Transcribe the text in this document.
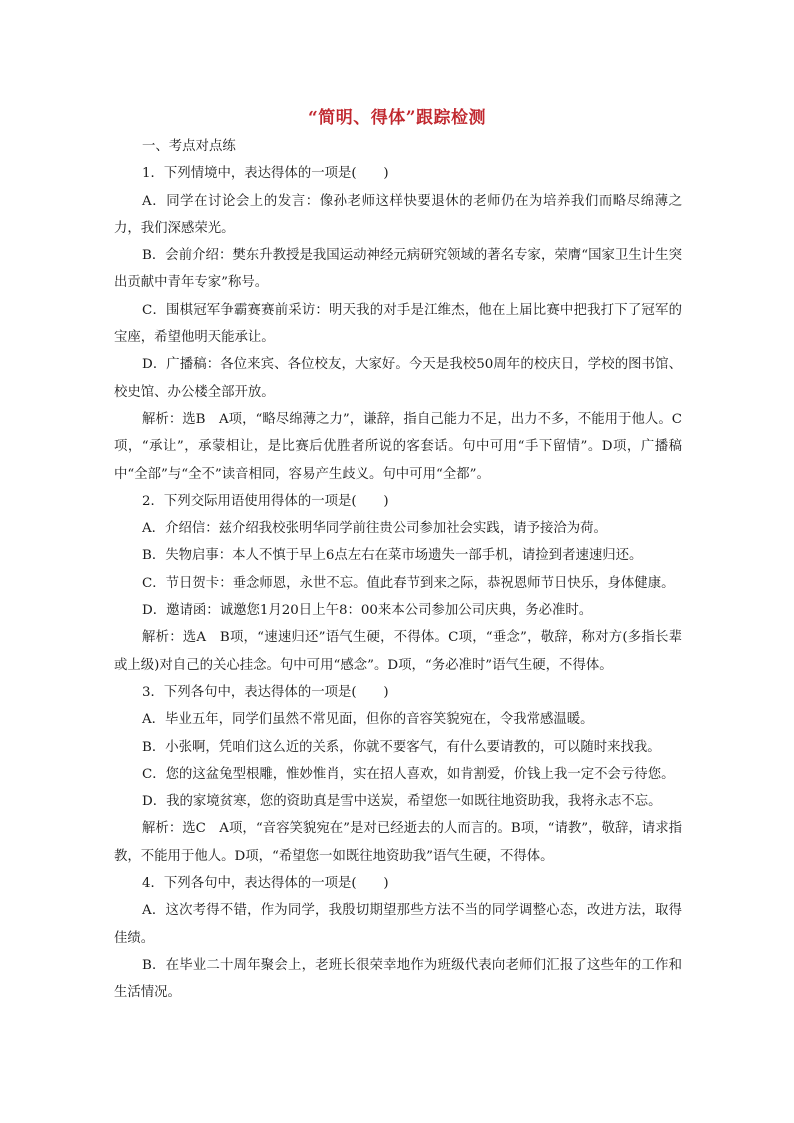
“简明、得体”跟踪检测

一、考点对点练

1．下列情境中，表达得体的一项是(　　)

A．同学在讨论会上的发言：像孙老师这样快要退休的老师仍在为培养我们而略尽绵薄之力，我们深感荣光。

B．会前介绍：樊东升教授是我国运动神经元病研究领域的著名专家，荣膺“国家卫生计生突出贡献中青年专家”称号。

C．围棋冠军争霸赛赛前采访：明天我的对手是江维杰，他在上届比赛中把我打下了冠军的宝座，希望他明天能承让。

D．广播稿：各位来宾、各位校友，大家好。今天是我校50周年的校庆日，学校的图书馆、校史馆、办公楼全部开放。

解析：选B　A项，“略尽绵薄之力”，谦辞，指自己能力不足，出力不多，不能用于他人。C项，“承让”，承蒙相让，是比赛后优胜者所说的客套话。句中可用“手下留情”。D项，广播稿中“全部”与“全不”读音相同，容易产生歧义。句中可用“全都”。

2．下列交际用语使用得体的一项是(　　)

A．介绍信：兹介绍我校张明华同学前往贵公司参加社会实践，请予接洽为荷。

B．失物启事：本人不慎于早上6点左右在菜市场遗失一部手机，请捡到者速速归还。

C．节日贺卡：垂念师恩，永世不忘。值此春节到来之际，恭祝恩师节日快乐，身体健康。

D．邀请函：诚邀您1月20日上午8：00来本公司参加公司庆典，务必准时。

解析：选A　B项，“速速归还”语气生硬，不得体。C项，“垂念”，敬辞，称对方(多指长辈或上级)对自己的关心挂念。句中可用“感念”。D项，“务必准时”语气生硬，不得体。

3．下列各句中，表达得体的一项是(　　)

A．毕业五年，同学们虽然不常见面，但你的音容笑貌宛在，令我常感温暖。

B．小张啊，凭咱们这么近的关系，你就不要客气，有什么要请教的，可以随时来找我。

C．您的这盆兔型根雕，惟妙惟肖，实在招人喜欢，如肯割爱，价钱上我一定不会亏待您。

D．我的家境贫寒，您的资助真是雪中送炭，希望您一如既往地资助我，我将永志不忘。

解析：选C　A项，“音容笑貌宛在”是对已经逝去的人而言的。B项，“请教”，敬辞，请求指教，不能用于他人。D项，“希望您一如既往地资助我”语气生硬，不得体。

4．下列各句中，表达得体的一项是(　　)

A．这次考得不错，作为同学，我殷切期望那些方法不当的同学调整心态，改进方法，取得佳绩。

B．在毕业二十周年聚会上，老班长很荣幸地作为班级代表向老师们汇报了这些年的工作和生活情况。
